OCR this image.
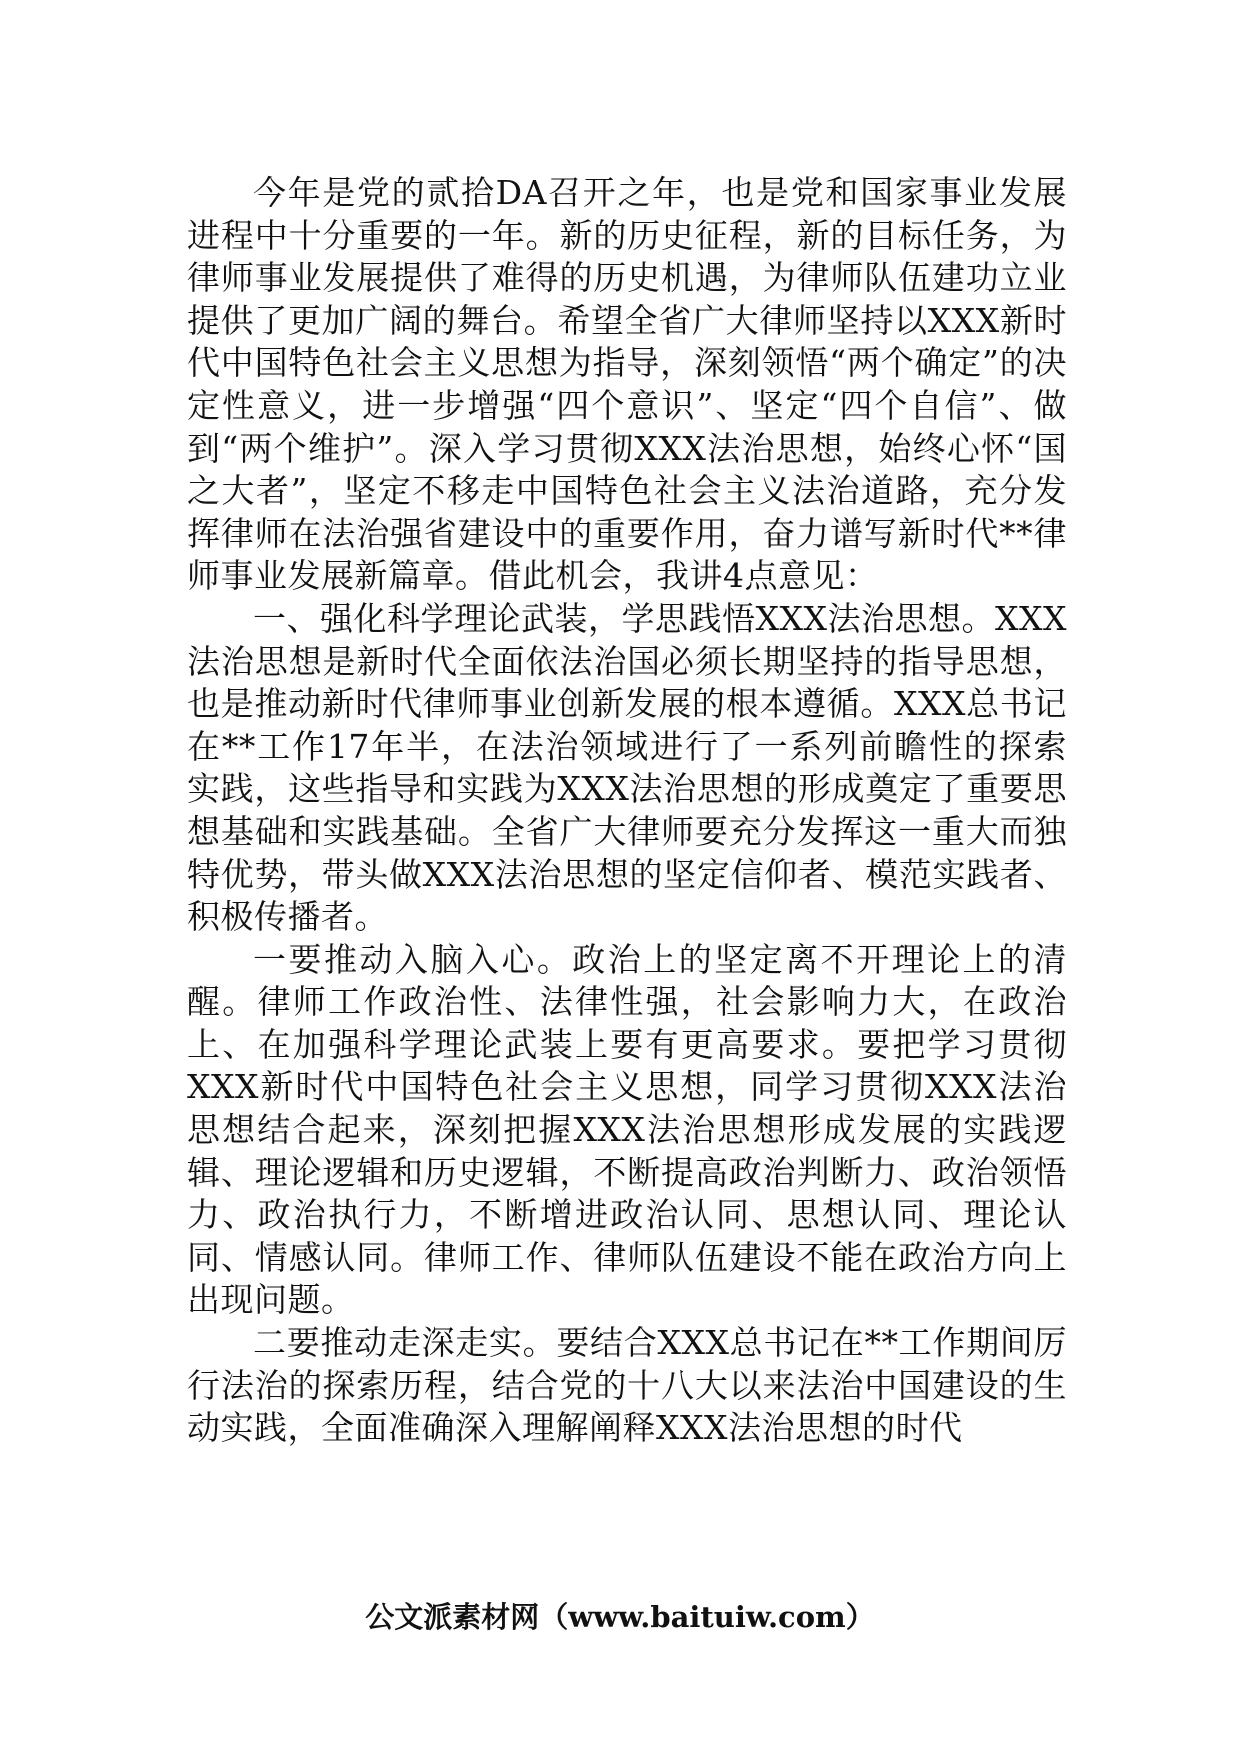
今年是党的贰拾DA召开之年，也是党和国家事业发展进程中十分重要的一年。新的历史征程，新的目标任务，为律师事业发展提供了难得的历史机遇，为律师队伍建功立业提供了更加广阔的舞台。希望全省广大律师坚持以XXX新时代中国特色社会主义思想为指导，深刻领悟“两个确定”的决定性意义，进一步增强“四个意识”、坚定“四个自信”、做到“两个维护”。深入学习贯彻XXX法治思想，始终心怀“国之大者”，坚定不移走中国特色社会主义法治道路，充分发挥律师在法治强省建设中的重要作用，奋力谱写新时代**律师事业发展新篇章。借此机会，我讲4点意见：

一、强化科学理论武装，学思践悟XXX法治思想。XXX法治思想是新时代全面依法治国必须长期坚持的指导思想，也是推动新时代律师事业创新发展的根本遵循。XXX总书记在**工作17年半，在法治领域进行了一系列前瞻性的探索实践，这些指导和实践为XXX法治思想的形成奠定了重要思想基础和实践基础。全省广大律师要充分发挥这一重大而独特优势，带头做XXX法治思想的坚定信仰者、模范实践者、积极传播者。

一要推动入脑入心。政治上的坚定离不开理论上的清醒。律师工作政治性、法律性强，社会影响力大，在政治上、在加强科学理论武装上要有更高要求。要把学习贯彻XXX新时代中国特色社会主义思想，同学习贯彻XXX法治思想结合起来，深刻把握XXX法治思想形成发展的实践逻辑、理论逻辑和历史逻辑，不断提高政治判断力、政治领悟力、政治执行力，不断增进政治认同、思想认同、理论认同、情感认同。律师工作、律师队伍建设不能在政治方向上出现问题。

二要推动走深走实。要结合XXX总书记在**工作期间厉行法治的探索历程，结合党的十八大以来法治中国建设的生动实践，全面准确深入理解阐释XXX法治思想的时代

公文派素材网（www.baituiw.com）
